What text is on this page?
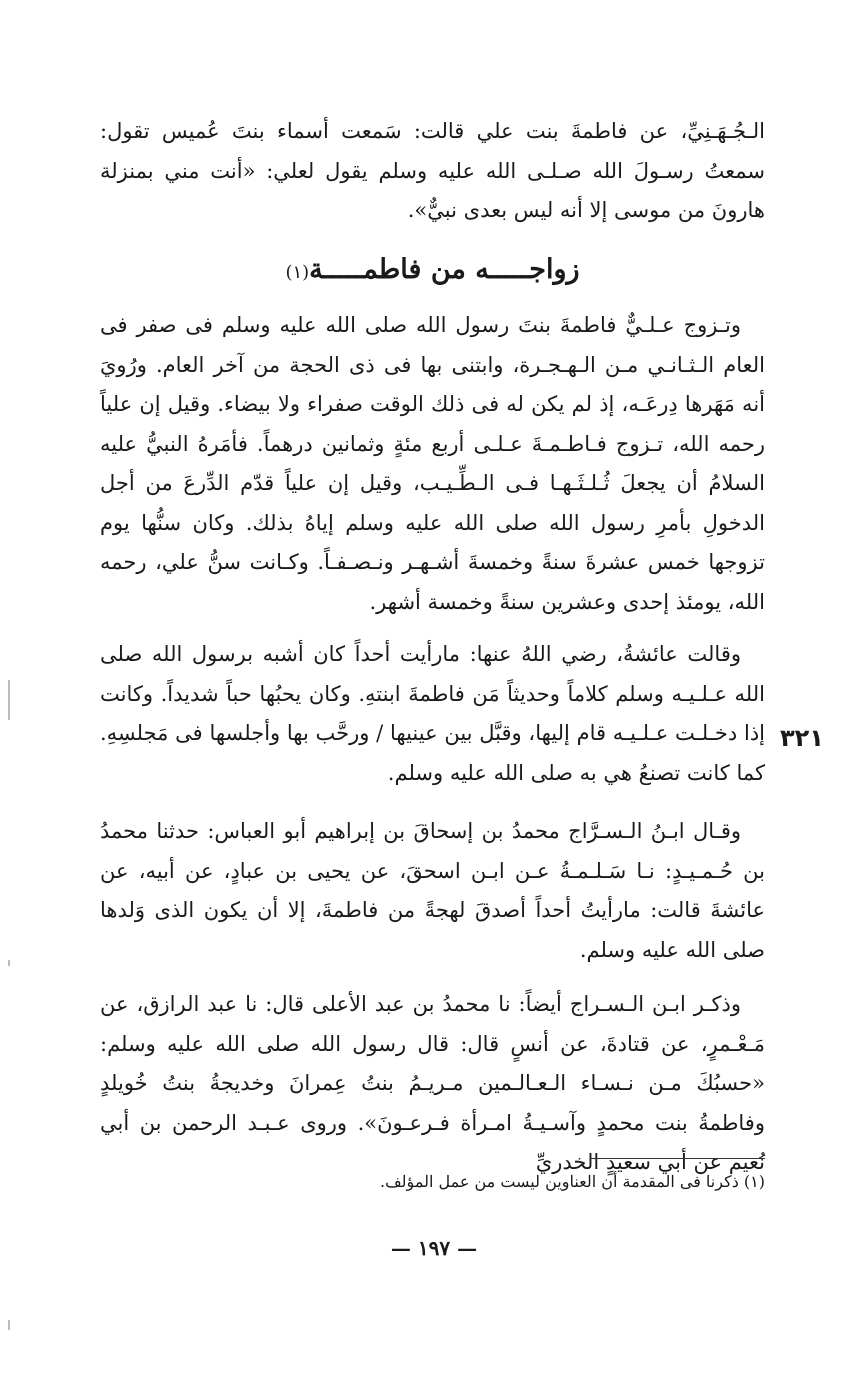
الـجُـهَـنِيِّ، عن فاطمةَ بنت علي قالت: سَمعت أسماء بنتَ عُميس تقول: سمعتُ رسـولَ الله صـلـى الله عليه وسلم يقول لعلي: «أنت مني بمنزلة هارونَ من موسى إلا أنه ليس بعدى نبيٌّ».

زواجـــــه من فاطمـــــة(١)

وتـزوج عـلـيٌّ فاطمةَ بنتَ رسول الله صلى الله عليه وسلم فى صفر فى العام الـثـانـي مـن الـهـجـرة، وابتنى بها فى ذى الحجة من آخر العام. ورُويَ أنه مَهَرها دِرعَـه، إذ لم يكن له فى ذلك الوقت صفراء ولا بيضاء. وقيل إن علياً رحمه الله، تـزوج فـاطـمـةَ عـلـى أربع مئةٍ وثمانين درهماً. فأمَرهُ النبيُّ عليه السلامُ أن يجعلَ ثُـلـثَـهـا فـى الـطِّـيـب، وقيل إن علياً قدّم الدِّرعَ من أجل الدخولِ بأمرِ رسول الله صلى الله عليه وسلم إياهُ بذلك. وكان سنُّها يوم تزوجها خمس عشرةَ سنةً وخمسةَ أشـهـر ونـصـفـاً. وكـانت سنُّ علي، رحمه الله، يومئذ إحدى وعشرين سنةً وخمسة أشهر.

وقالت عائشةُ، رضي اللهُ عنها: مارأيت أحداً كان أشبه برسول الله صلى الله عـلـيـه وسلم كلاماً وحديثاً مَن فاطمةَ ابنتهِ. وكان يحبُها حباً شديداً. وكانت إذا دخـلـت عـلـيـه قام إليها، وقبَّل بين عينيها / ورحَّب بها وأجلسها فى مَجلسِهِ. كما كانت تصنعُ هي به صلى الله عليه وسلم.

٣٢١

وقـال ابـنُ الـسـرَّاج محمدُ بن إسحاقَ بن إبراهيم أبو العباس: حدثنا محمدُ بن حُـمـيـدٍ: نـا سَـلـمـةُ عـن ابـن اسحقَ، عن يحيى بن عبادٍ، عن أبيه، عن عائشةَ قالت: مارأيتُ أحداً أصدقَ لهجةً من فاطمةَ، إلا أن يكون الذى وَلدها صلى الله عليه وسلم.

وذكـر ابـن الـسـراج أيضاً: نا محمدُ بن عبد الأعلى قال: نا عبد الرازق، عن مَـعْـمرٍ، عن قتادةَ، عن أنسٍ قال: قال رسول الله صلى الله عليه وسلم: «حسبُكَ مـن نـسـاء الـعـالـمين مـريـمُ بنتُ عِمرانَ وخديجةُ بنتُ خُويلدٍ وفاطمةُ بنت محمدٍ وآسـيـةُ امـرأة فـرعـونَ». وروى عـبـد الرحمن بن أبي نُعيم عن أبي سعيدٍ الخدريِّ

(١) ذكرنا فى المقدمة أن العناوين ليست من عمل المؤلف.
— ١٩٧ —
